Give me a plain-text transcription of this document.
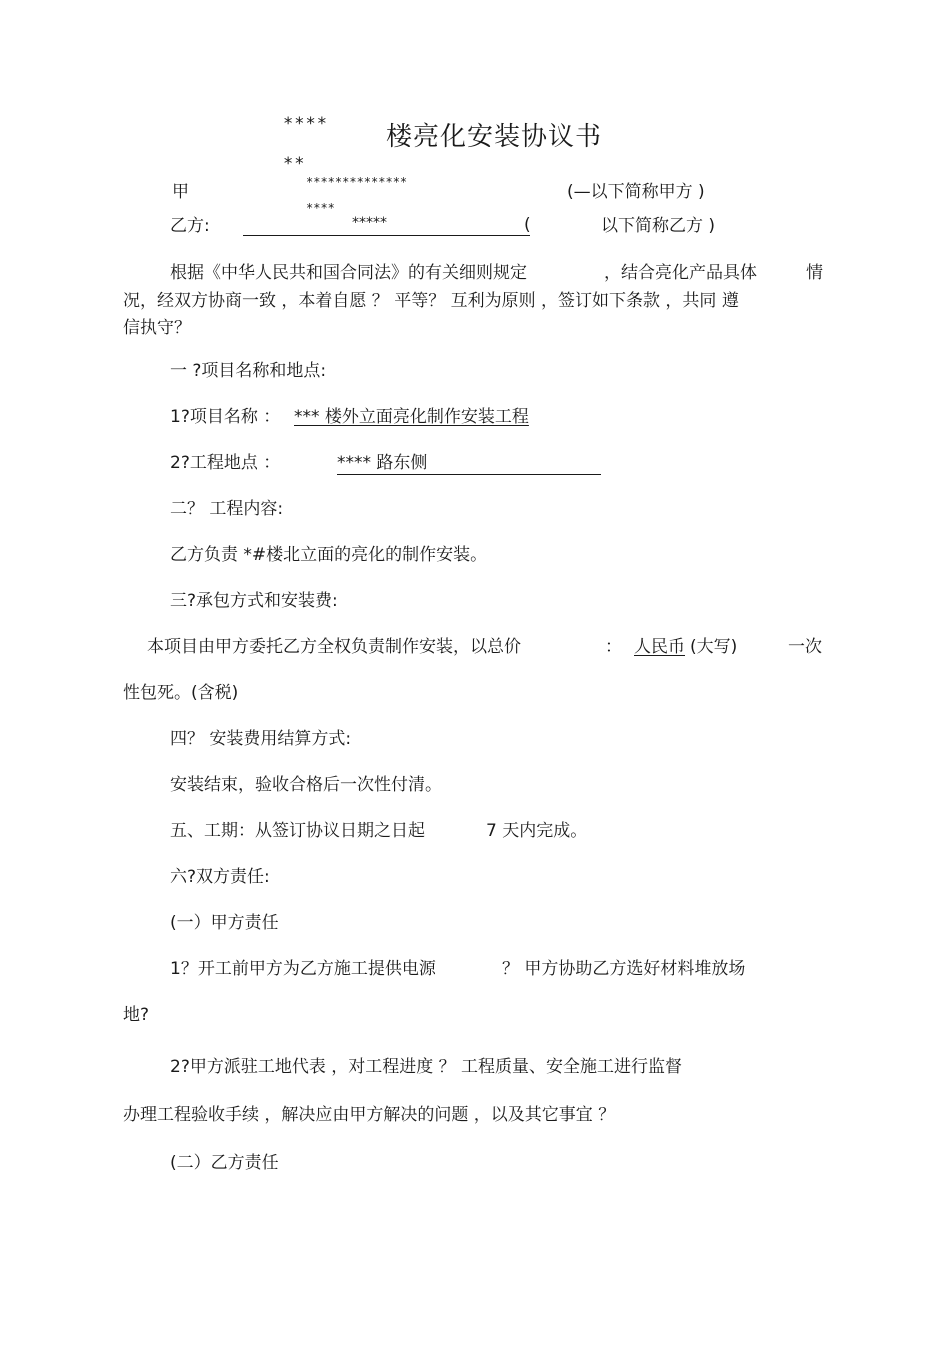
****
**
楼亮化安装协议书
甲	**************
****
(—以下简称甲方 )
乙方:	*****	(	以下简称乙方 )
根据《中华人民共和国合同法》的有关细则规定	，结合亮化产品具体	情
况，经双方协商一致 ，本着自愿 ？ 平等？ 互利为原则 ，签订如下条款 ，共同 遵
信执守？
一 ?项目名称和地点:
1?项目名称 ： *** 楼外立面亮化制作安装工程
2?工程地点 ：	**** 路东侧
二？ 工程内容:
乙方负责 *#楼北立面的亮化的制作安装。
三?承包方式和安装费:
本项目由甲方委托乙方全权负责制作安装，以总价	： 人民币 (大写)	一次
性包死。(含税)
四？ 安装费用结算方式:
安装结束，验收合格后一次性付清。
五、工期：从签订协议日期之日起	7 天内完成。
六?双方责任:
(一）甲方责任
1？开工前甲方为乙方施工提供电源	？ 甲方协助乙方选好材料堆放场
地?
2?甲方派驻工地代表 ，对工程进度 ？ 工程质量、安全施工进行监督
办理工程验收手续 ，解决应由甲方解决的问题 ，以及其它事宜 ？
(二）乙方责任
